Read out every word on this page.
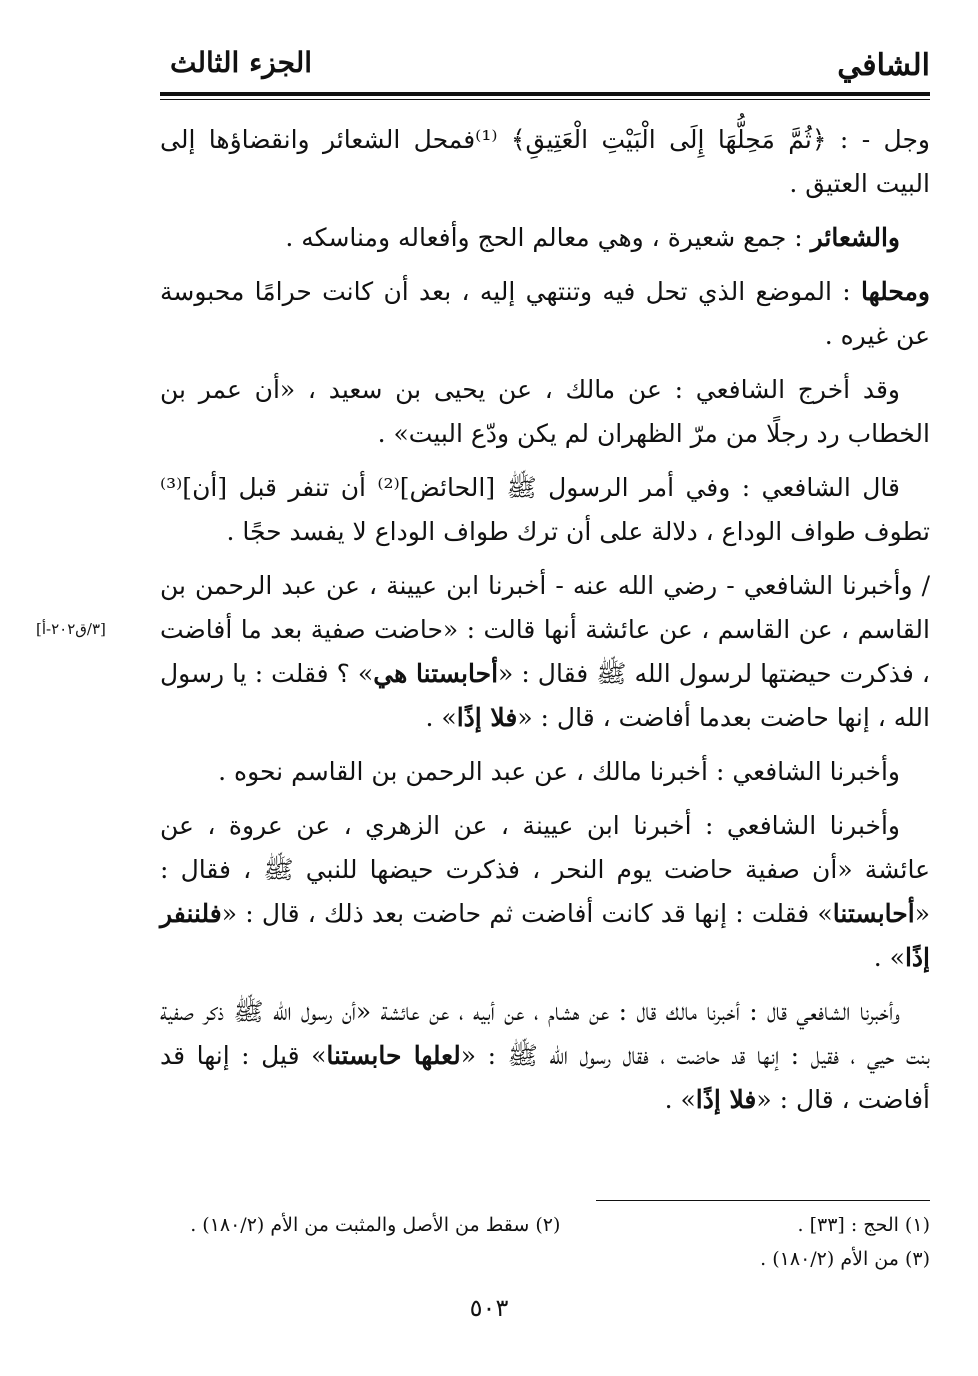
الشافي
الجزء الثالث
[٣/ق٢٠٢-أ]

وجل - : ﴿ثُمَّ مَحِلُّهَا إِلَى الْبَيْتِ الْعَتِيقِ﴾ ⁽¹⁾فمحل الشعائر وانقضاؤها إلى البيت العتيق .

والشعائر : جمع شعيرة ، وهي معالم الحج وأفعاله ومناسكه .

ومحلها : الموضع الذي تحل فيه وتنتهي إليه ، بعد أن كانت حرامًا محبوسة عن غيره .

وقد أخرج الشافعي : عن مالك ، عن يحيى بن سعيد ، «أن عمر بن الخطاب رد رجلًا من مرّ الظهران لم يكن ودّع البيت» .

قال الشافعي : وفي أمر الرسول ﷺ [الحائض]⁽²⁾ أن تنفر قبل [أن]⁽³⁾ تطوف طواف الوداع ، دلالة على أن ترك طواف الوداع لا يفسد حجًا .

/ وأخبرنا الشافعي - رضي الله عنه - أخبرنا ابن عيينة ، عن عبد الرحمن بن القاسم ، عن القاسم ، عن عائشة أنها قالت : «حاضت صفية بعد ما أفاضت ، فذكرت حيضتها لرسول الله ﷺ فقال : «أحابستنا هي» ؟ فقلت : يا رسول الله ، إنها حاضت بعدما أفاضت ، قال : «فلا إذًا» .

وأخبرنا الشافعي : أخبرنا مالك ، عن عبد الرحمن بن القاسم نحوه .

وأخبرنا الشافعي : أخبرنا ابن عيينة ، عن الزهري ، عن عروة ، عن عائشة «أن صفية حاضت يوم النحر ، فذكرت حيضها للنبي ﷺ ، فقال : «أحابستنا» فقلت : إنها قد كانت أفاضت ثم حاضت بعد ذلك ، قال : «فلننفر إذًا» .

وأخبرنا الشافعي قال : أخبرنا مالك قال : عن هشام ، عن أبيه ، عن عائشة «أن رسول الله ﷺ ذكر صفية بنت حيي ، فقيل : إنها قد حاضت ، فقال رسول الله ﷺ : «لعلها حابستنا» قيل : إنها قد أفاضت ، قال : «فلا إذًا» .

(١) الحج : [٣٣] .
(٢) سقط من الأصل والمثبت من الأم (١٨٠/٢) .
(٣) من الأم (١٨٠/٢) .
٥٠٣
